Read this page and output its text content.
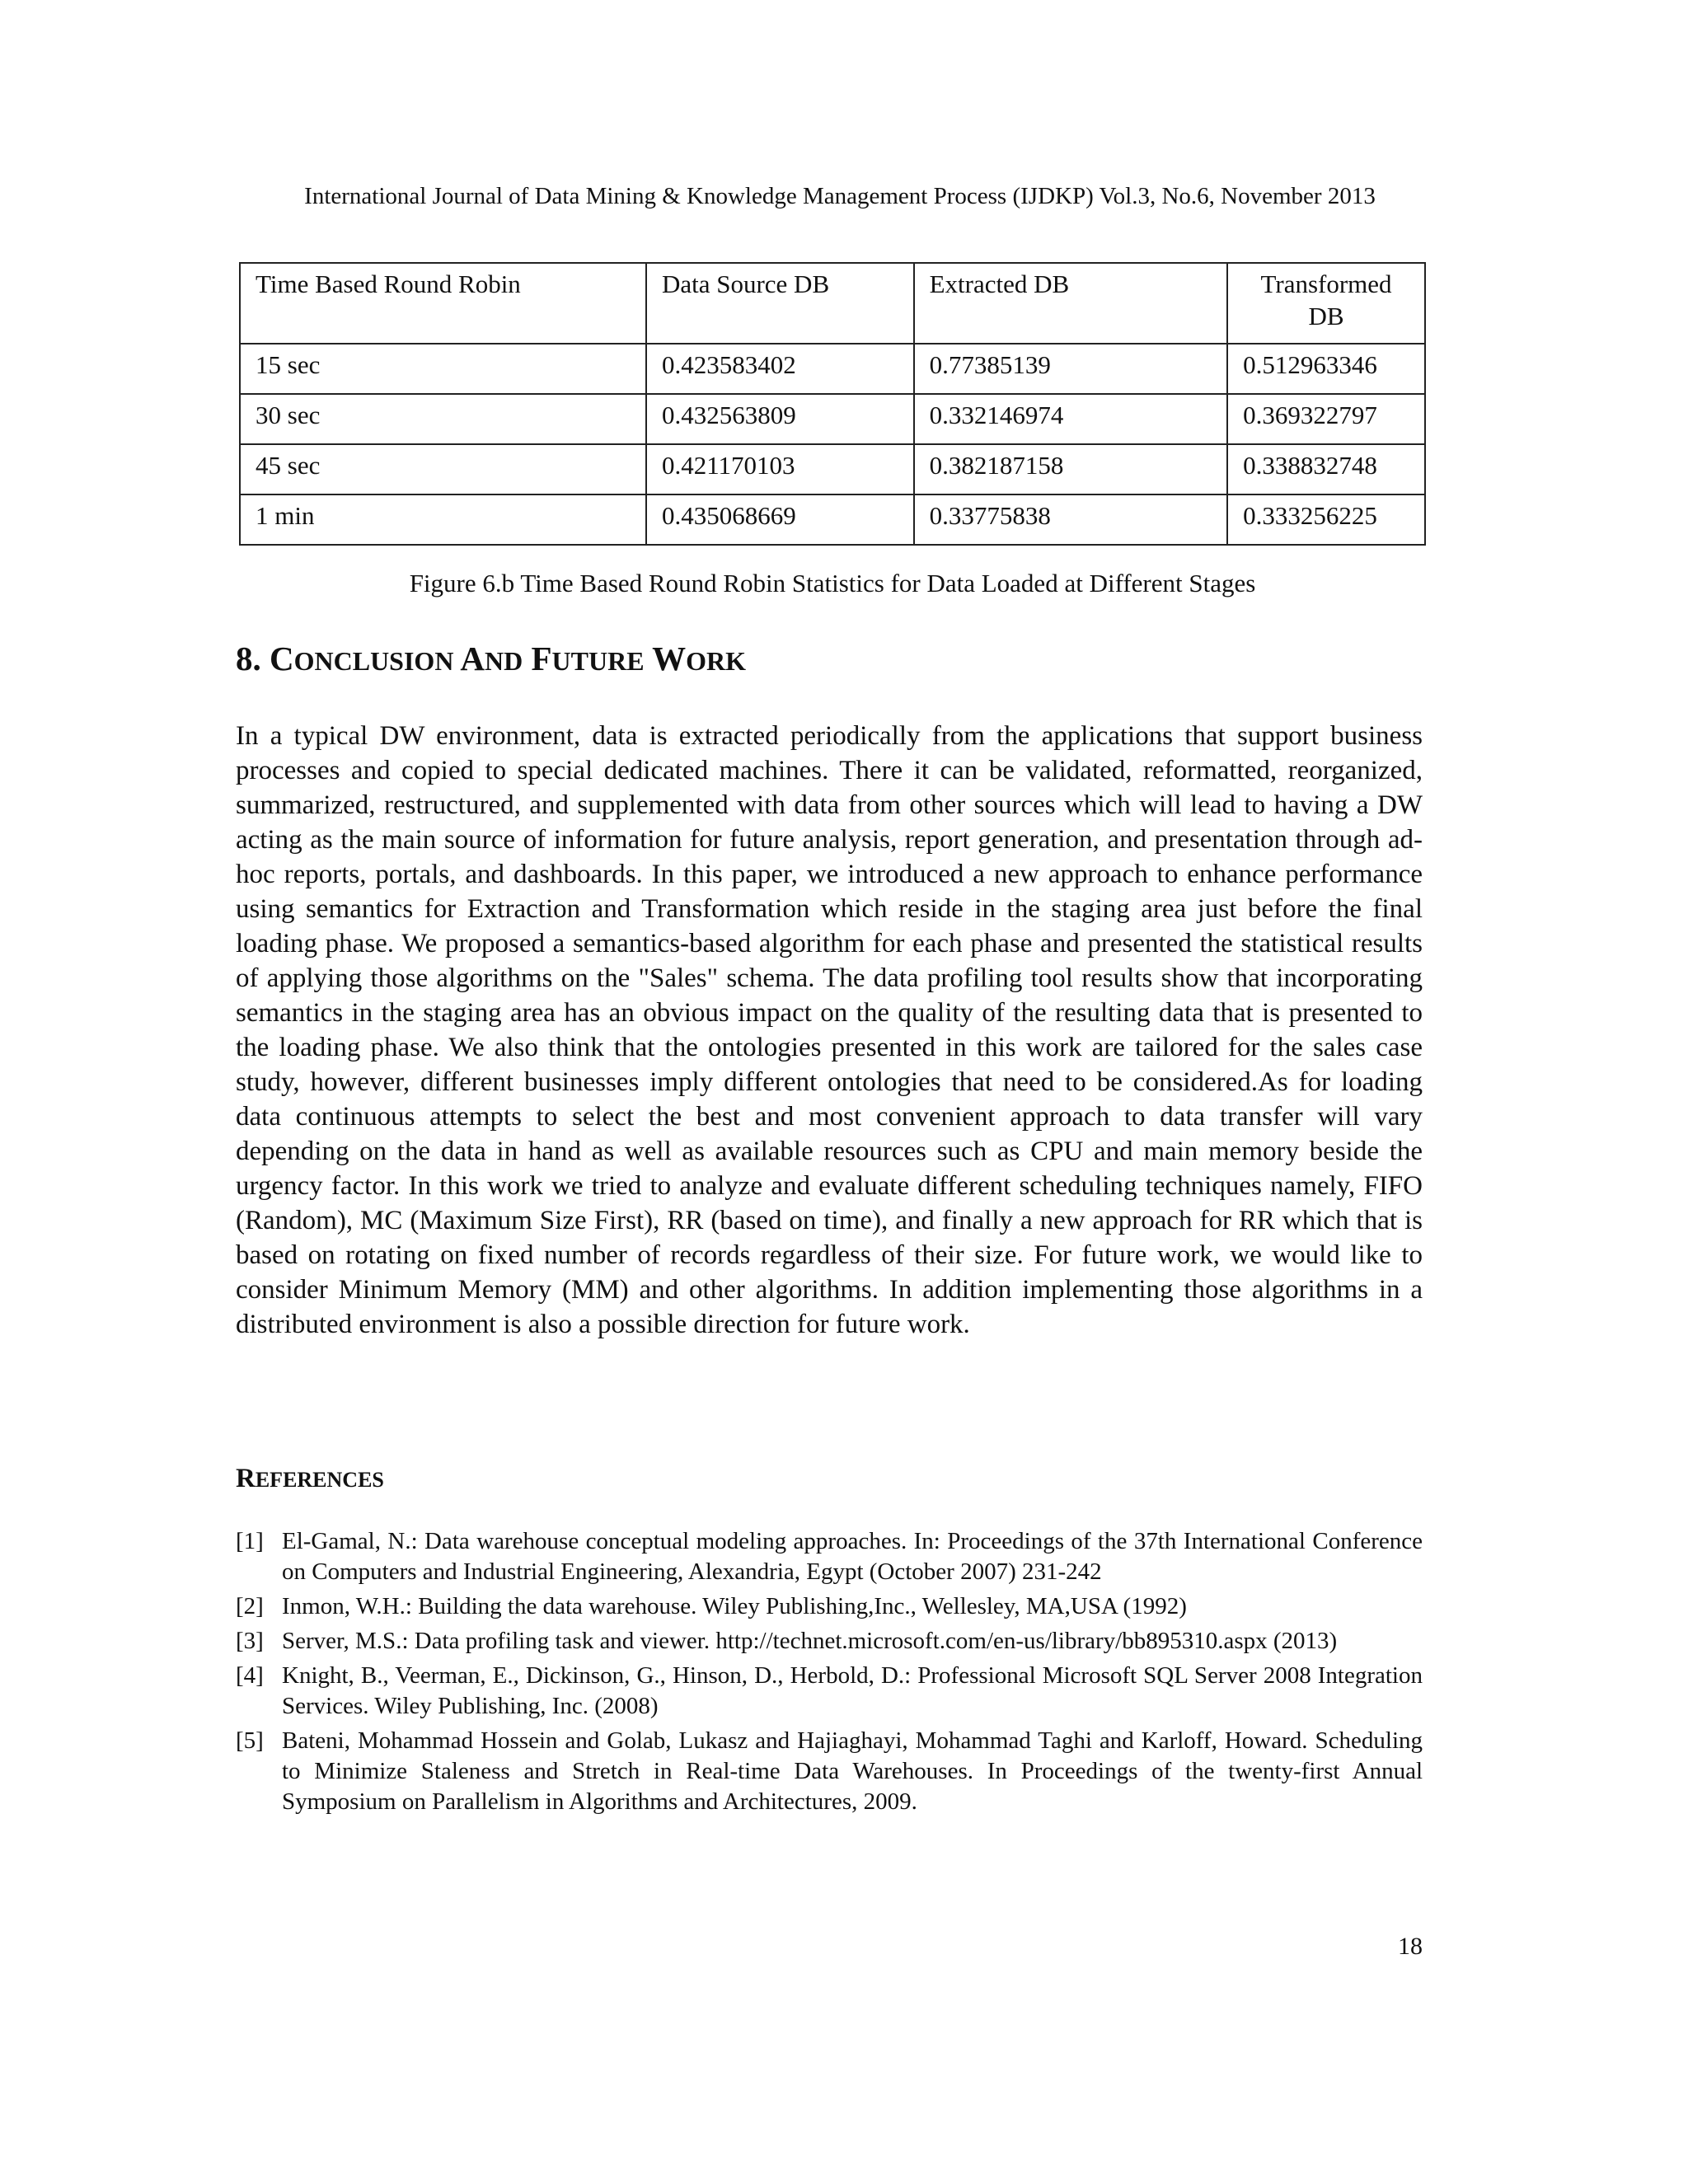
International Journal of Data Mining & Knowledge Management Process (IJDKP) Vol.3, No.6, November 2013
Time Based Round Robin	Data Source DB	Extracted DB	Transformed DB
15 sec	0.423583402	0.77385139	0.512963346
30 sec	0.432563809	0.332146974	0.369322797
45 sec	0.421170103	0.382187158	0.338832748
1 min	0.435068669	0.33775838	0.333256225
Figure 6.b Time Based Round Robin Statistics for Data Loaded at Different Stages
8. CONCLUSION AND FUTURE WORK

In a typical DW environment, data is extracted periodically from the applications that support business processes and copied to special dedicated machines. There it can be validated, reformatted, reorganized, summarized, restructured, and supplemented with data from other sources which will lead to having a DW acting as the main source of information for future analysis, report generation, and presentation through ad-hoc reports, portals, and dashboards. In this paper, we introduced a new approach to enhance performance using semantics for Extraction and Transformation which reside in the staging area just before the final loading phase. We proposed a semantics-based algorithm for each phase and presented the statistical results of applying those algorithms on the "Sales" schema. The data profiling tool results show that incorporating semantics in the staging area has an obvious impact on the quality of the resulting data that is presented to the loading phase. We also think that the ontologies presented in this work are tailored for the sales case study, however, different businesses imply different ontologies that need to be considered.As for loading data continuous attempts to select the best and most convenient approach to data transfer will vary depending on the data in hand as well as available resources such as CPU and main memory beside the urgency factor. In this work we tried to analyze and evaluate different scheduling techniques namely, FIFO (Random), MC (Maximum Size First), RR (based on time), and finally a new approach for RR which that is based on rotating on fixed number of records regardless of their size. For future work, we would like to consider Minimum Memory (MM) and other algorithms. In addition implementing those algorithms in a distributed environment is also a possible direction for future work.

REFERENCES
[1] El-Gamal, N.: Data warehouse conceptual modeling approaches. In: Proceedings of the 37th International Conference on Computers and Industrial Engineering, Alexandria, Egypt (October 2007) 231-242
[2] Inmon, W.H.: Building the data warehouse. Wiley Publishing,Inc., Wellesley, MA,USA (1992)
[3] Server, M.S.: Data profiling task and viewer. http://technet.microsoft.com/en-us/library/bb895310.aspx (2013)
[4] Knight, B., Veerman, E., Dickinson, G., Hinson, D., Herbold, D.: Professional Microsoft SQL Server 2008 Integration Services. Wiley Publishing, Inc. (2008)
[5] Bateni, Mohammad Hossein and Golab, Lukasz and Hajiaghayi, Mohammad Taghi and Karloff, Howard. Scheduling to Minimize Staleness and Stretch in Real-time Data Warehouses. In Proceedings of the twenty-first Annual Symposium on Parallelism in Algorithms and Architectures, 2009.
18
